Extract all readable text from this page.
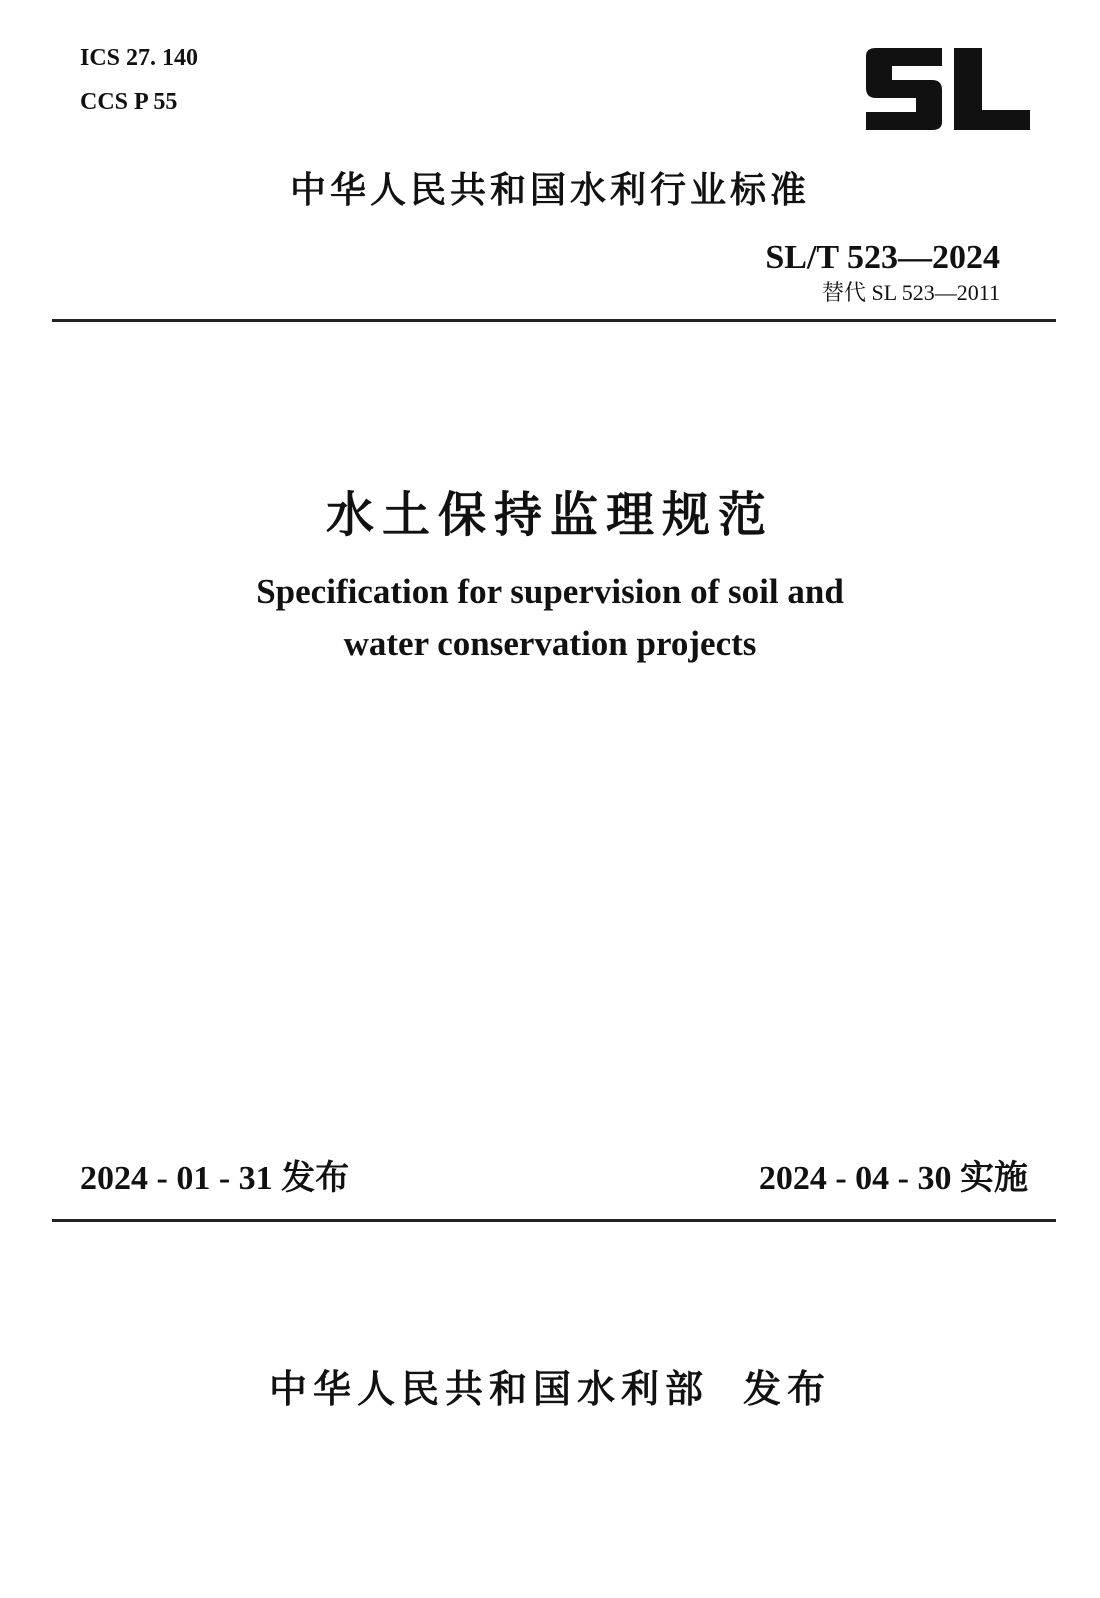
ICS 27. 140
CCS P 55
中华人民共和国水利行业标准
SL/T 523—2024
替代 SL 523—2011
水土保持监理规范
Specification for supervision of soil and
water conservation projects
2024 - 01 - 31 发布	2024 - 04 - 30 实施
中华人民共和国水利部 发布
